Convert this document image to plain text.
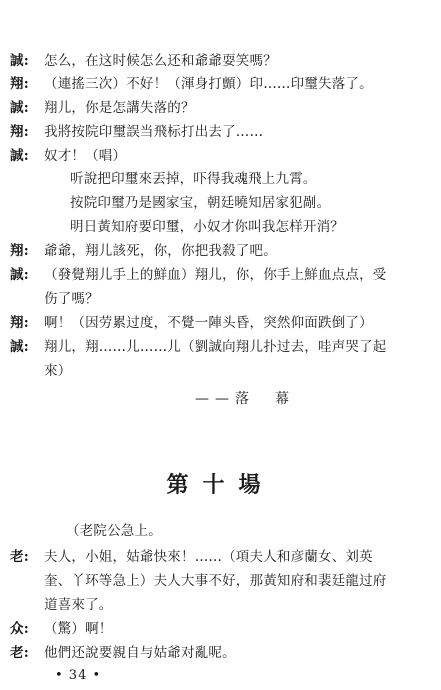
誠: 怎么，在这时候怎么还和爺爺耍笑嗎？
翔: （連搖三次）不好！（渾身打顫）印……印璽失落了。
誠: 翔儿，你是怎講失落的？
翔: 我將按院印璽誤当飛标打出去了……
誠: 奴才！（唱）
听說把印璽來丟掉，吓得我魂飛上九霄。
按院印璽乃是國家宝，朝廷曉知居家犯剮。
明日黃知府要印璽，小奴才你叫我怎样开消？
翔: 爺爺，翔儿該死，你，你把我殺了吧。
誠: （發覺翔儿手上的鮮血）翔儿，你，你手上鮮血点点，受
伤了嗎？
翔: 啊！（因劳累过度，不覺一陣头昏，突然仰面跌倒了）
誠: 翔儿，翔……儿……儿（劉誠向翔儿扑过去，哇声哭了起
來）
——落　幕
第十場
（老院公急上。
老: 夫人，小姐，姑爺快來！……（項夫人和彦蘭女、刘英
奎、丫环等急上）夫人大事不好，那黃知府和裴廷龍过府
道喜來了。
众: （驚）啊！
老: 他們还說要親自与姑爺对亂呢。
• 34 •
